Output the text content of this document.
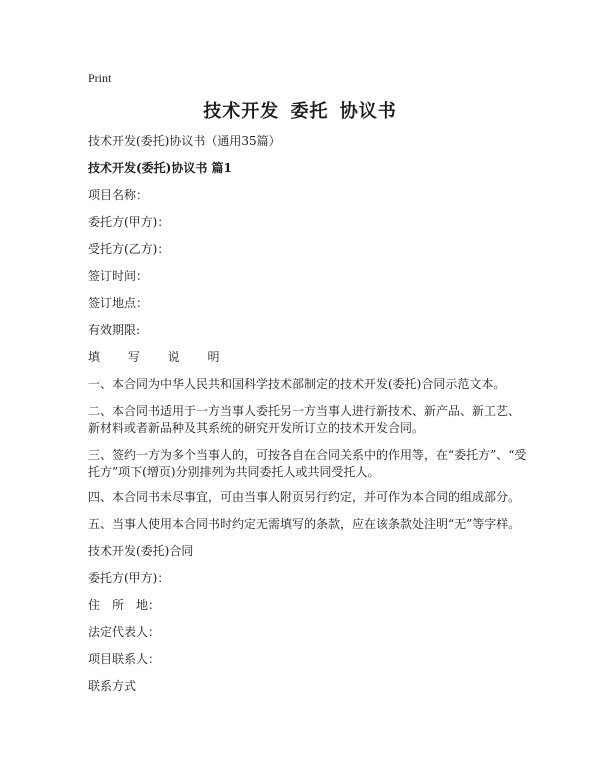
Print
技术开发 委托 协议书
技术开发(委托)协议书（通用35篇）
技术开发(委托)协议书 篇1
项目名称：
委托方(甲方)：
受托方(乙方)：
签订时间：
签订地点：
有效期限:
填 写 说 明
一、本合同为中华人民共和国科学技术部制定的技术开发(委托)合同示范文本。
二、本合同书适用于一方当事人委托另一方当事人进行新技术、新产品、新工艺、新材料或者新品种及其系统的研究开发所订立的技术开发合同。
三、签约一方为多个当事人的，可按各自在合同关系中的作用等，在“委托方”、“受托方”项下(增页)分别排列为共同委托人或共同受托人。
四、本合同书未尽事宜，可由当事人附页另行约定，并可作为本合同的组成部分。
五、当事人使用本合同书时约定无需填写的条款，应在该条款处注明“无”等字样。
技术开发(委托)合同
委托方(甲方)：
住　所　地：
法定代表人：
项目联系人：
联系方式
